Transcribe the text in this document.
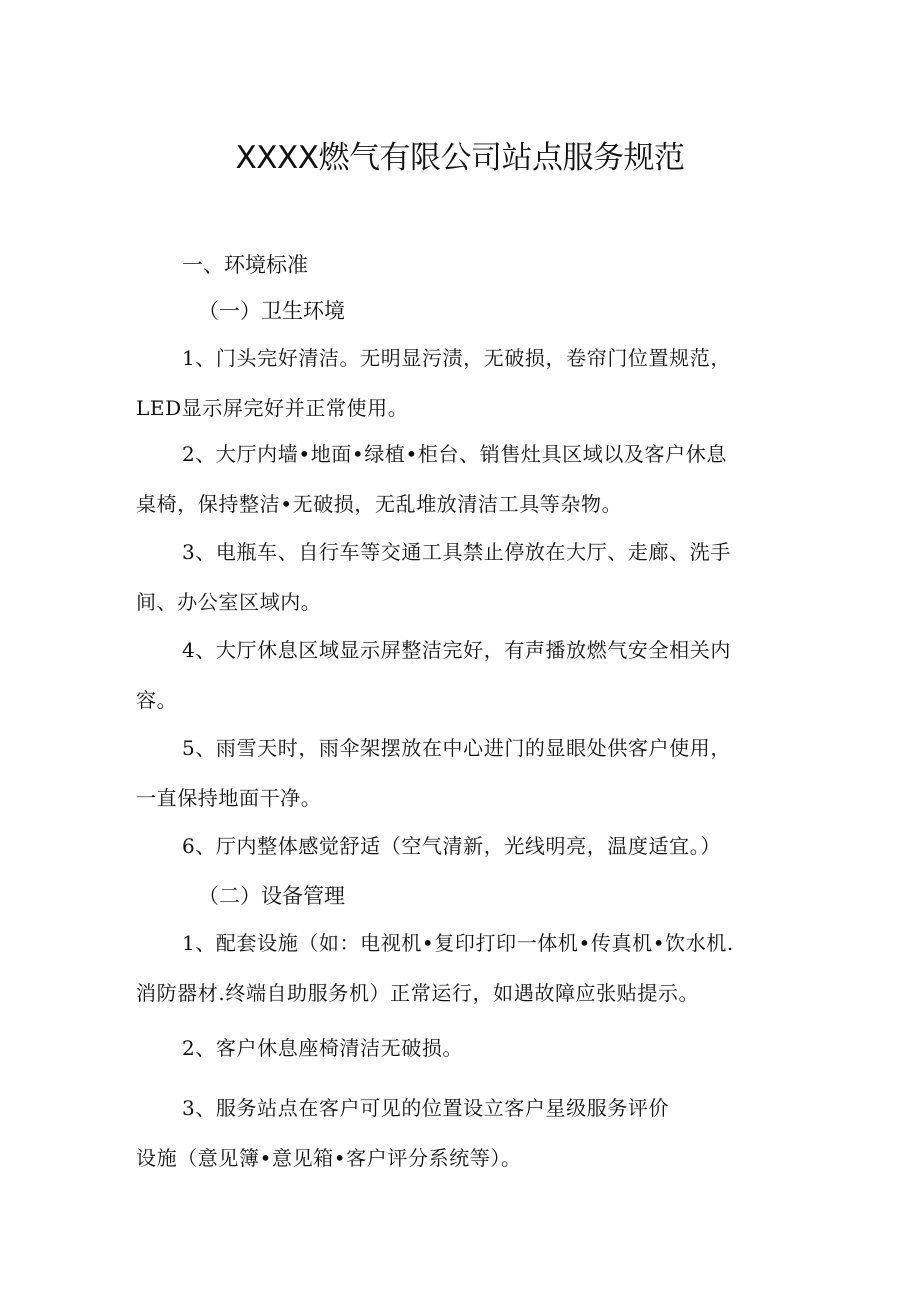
XXXX燃气有限公司站点服务规范
一、环境标准
（一）卫生环境
1、门头完好清洁。无明显污渍，无破损，卷帘门位置规范，
LED显示屏完好并正常使用。
2、大厅内墙•地面•绿植•柜台、销售灶具区域以及客户休息
桌椅，保持整洁•无破损，无乱堆放清洁工具等杂物。
3、电瓶车、自行车等交通工具禁止停放在大厅、走廊、洗手
间、办公室区域内。
4、大厅休息区域显示屏整洁完好，有声播放燃气安全相关内
容。
5、雨雪天时，雨伞架摆放在中心进门的显眼处供客户使用，
一直保持地面干净。
6、厅内整体感觉舒适（空气清新，光线明亮，温度适宜。）
（二）设备管理
1、配套设施（如：电视机•复印打印一体机•传真机•饮水机.
消防器材.终端自助服务机）正常运行，如遇故障应张贴提示。
2、客户休息座椅清洁无破损。
3、服务站点在客户可见的位置设立客户星级服务评价
设施（意见簿•意见箱•客户评分系统等）。
